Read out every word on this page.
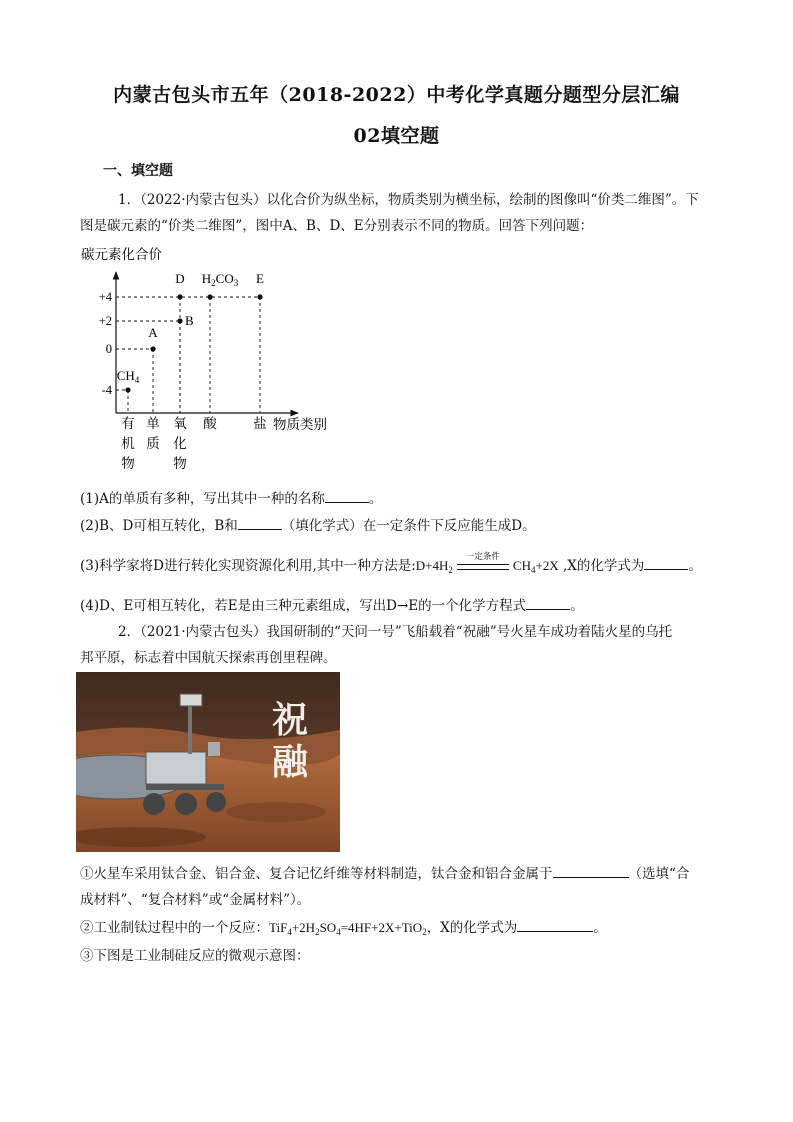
内蒙古包头市五年（2018-2022）中考化学真题分题型分层汇编
02填空题
一、填空题
1．（2022·内蒙古包头）以化合价为纵坐标，物质类别为横坐标，绘制的图像叫“价类二维图”。下
图是碳元素的“价类二维图”，图中A、B、D、E分别表示不同的物质。回答下列问题：
碳元素化合价
物质类别
+4
+2
0
-4
有
机
物
单
质
氧
化
物
酸	盐
$CH_4$
A
B
D $H_2CO_3$ E
(1)A的单质有多种，写出其中一种的名称	。
(2)B、D可相互转化，B和	（填化学式）在一定条件下反应能生成D。
(3)科学家将D进行转化实现资源化利用,其中一种方法是$:D+4H_2$
一定条件
$CH_4+2X$ ,X的化学式为	。
(4)D、E可相互转化，若E是由三种元素组成，写出D→E的一个化学方程式	。
2．（2021·内蒙古包头）我国研制的“天问一号”飞船载着“祝融”号火星车成功着陆火星的乌托
邦平原，标志着中国航天探索再创里程碑。
祝
融
①火星车采用钛合金、铝合金、复合记忆纤维等材料制造，钛合金和铝合金属于	（选填“合
成材料”、“复合材料”或“金属材料”）。
②工业制钛过程中的一个反应：$TiF_4+2H_2SO_4=4HF+2X+TiO_2$，X的化学式为	。
③下图是工业制硅反应的微观示意图：
